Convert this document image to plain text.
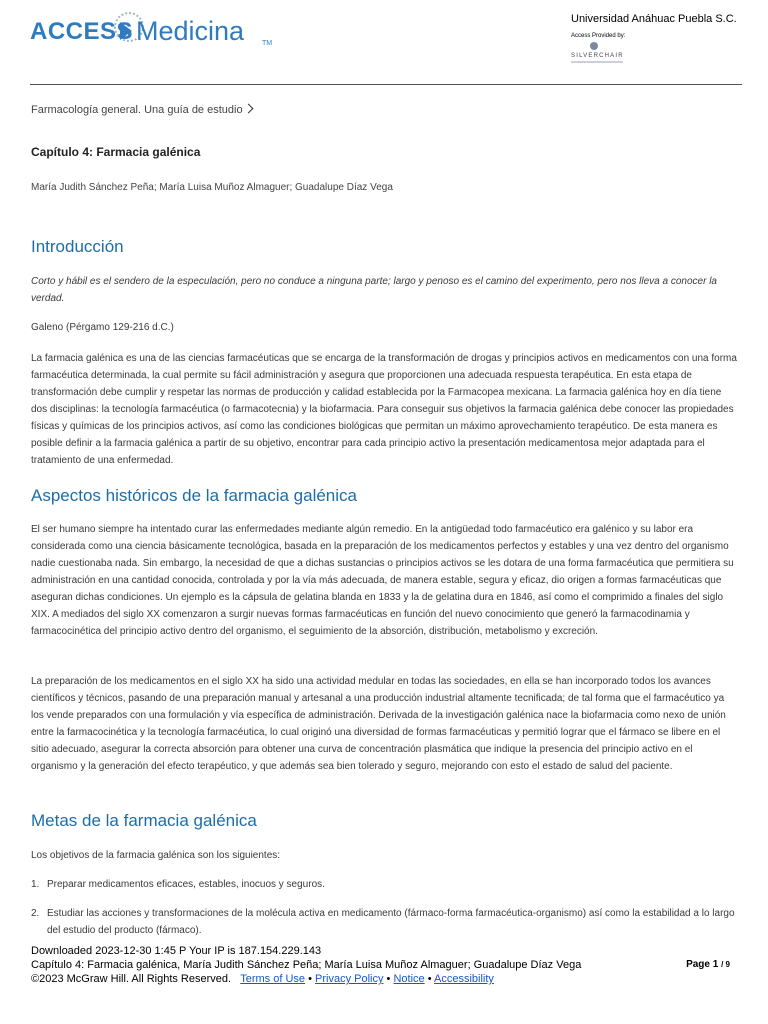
ACCESS Medicina	TM
Universidad Anáhuac Puebla S.C.
Access Provided by:
SILVERCHAIR
Farmacología general. Una guía de estudio
Capítulo 4: Farmacia galénica
María Judith Sánchez Peña; María Luisa Muñoz Almaguer; Guadalupe Díaz Vega
Introducción

Corto y hábil es el sendero de la especulación, pero no conduce a ninguna parte; largo y penoso es el camino del experimento, pero nos lleva a conocer la verdad.

Galeno (Pérgamo 129-216 d.C.)

La farmacia galénica es una de las ciencias farmacéuticas que se encarga de la transformación de drogas y principios activos en medicamentos con una forma farmacéutica determinada, la cual permite su fácil administración y asegura que proporcionen una adecuada respuesta terapéutica. En esta etapa de transformación debe cumplir y respetar las normas de producción y calidad establecida por la Farmacopea mexicana. La farmacia galénica hoy en día tiene dos disciplinas: la tecnología farmacéutica (o farmacotecnia) y la biofarmacia. Para conseguir sus objetivos la farmacia galénica debe conocer las propiedades físicas y químicas de los principios activos, así como las condiciones biológicas que permitan un máximo aprovechamiento terapéutico. De esta manera es posible definir a la farmacia galénica a partir de su objetivo, encontrar para cada principio activo la presentación medicamentosa mejor adaptada para el tratamiento de una enfermedad.

Aspectos históricos de la farmacia galénica

El ser humano siempre ha intentado curar las enfermedades mediante algún remedio. En la antigüedad todo farmacéutico era galénico y su labor era considerada como una ciencia básicamente tecnológica, basada en la preparación de los medicamentos perfectos y estables y una vez dentro del organismo nadie cuestionaba nada. Sin embargo, la necesidad de que a dichas sustancias o principios activos se les dotara de una forma farmacéutica que permitiera su administración en una cantidad conocida, controlada y por la vía más adecuada, de manera estable, segura y eficaz, dio origen a formas farmacéuticas que aseguran dichas condiciones. Un ejemplo es la cápsula de gelatina blanda en 1833 y la de gelatina dura en 1846, así como el comprimido a finales del siglo XIX. A mediados del siglo XX comenzaron a surgir nuevas formas farmacéuticas en función del nuevo conocimiento que generó la farmacodinamia y farmacocinética del principio activo dentro del organismo, el seguimiento de la absorción, distribución, metabolismo y excreción.

La preparación de los medicamentos en el siglo XX ha sido una actividad medular en todas las sociedades, en ella se han incorporado todos los avances científicos y técnicos, pasando de una preparación manual y artesanal a una producción industrial altamente tecnificada; de tal forma que el farmacéutico ya los vende preparados con una formulación y vía específica de administración. Derivada de la investigación galénica nace la biofarmacia como nexo de unión entre la farmacocinética y la tecnología farmacéutica, lo cual originó una diversidad de formas farmacéuticas y permitió lograr que el fármaco se libere en el sitio adecuado, asegurar la correcta absorción para obtener una curva de concentración plasmática que indique la presencia del principio activo en el organismo y la generación del efecto terapéutico, y que además sea bien tolerado y seguro, mejorando con esto el estado de salud del paciente.

Metas de la farmacia galénica

Los objetivos de la farmacia galénica son los siguientes:

1. Preparar medicamentos eficaces, estables, inocuos y seguros.
2. Estudiar las acciones y transformaciones de la molécula activa en medicamento (fármaco-forma farmacéutica-organismo) así como la estabilidad a lo largo del estudio del producto (fármaco).
Downloaded 2023-12-30 1:45 P Your IP is 187.154.229.143
Capítulo 4: Farmacia galénica, María Judith Sánchez Peña; María Luisa Muñoz Almaguer; Guadalupe Díaz Vega
©2023 McGraw Hill. All Rights Reserved. Terms of Use • Privacy Policy • Notice • Accessibility
Page 1 / 9
